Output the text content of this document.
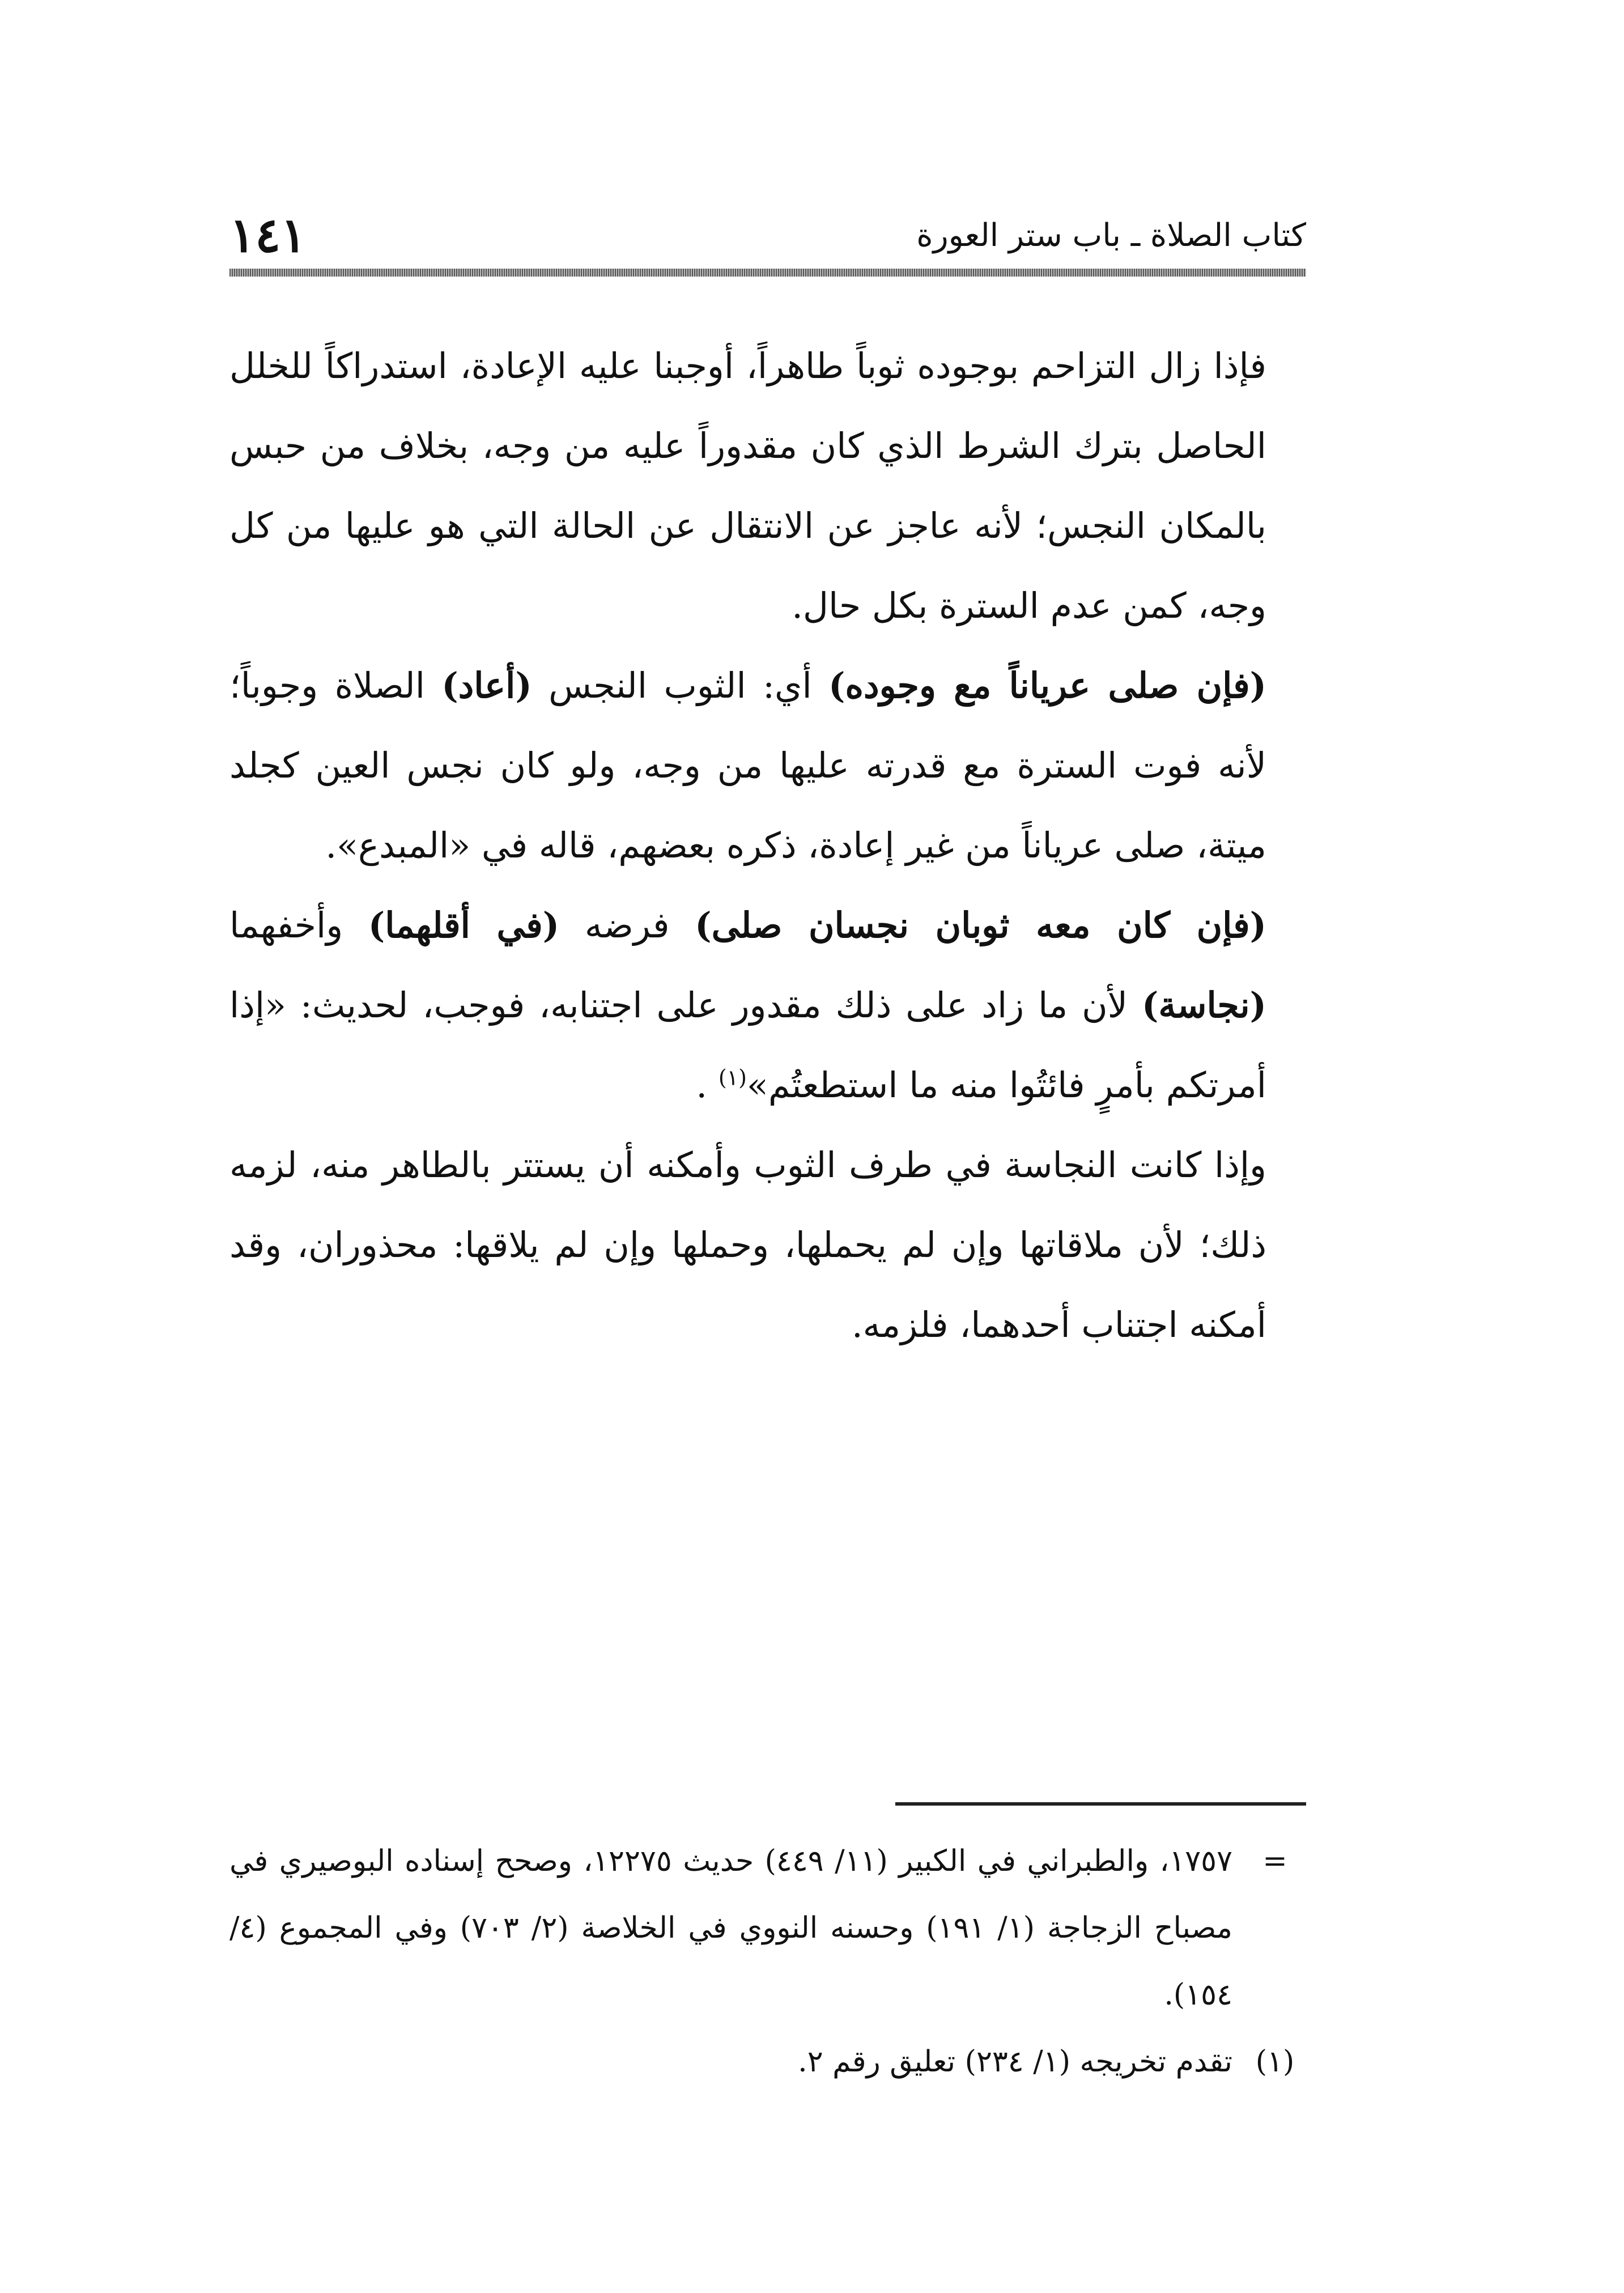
كتاب الصلاة ـ باب ستر العورة
١٤١

فإذا زال التزاحم بوجوده ثوباً طاهراً، أوجبنا عليه الإعادة، استدراكاً للخلل الحاصل بترك الشرط الذي كان مقدوراً عليه من وجه، بخلاف من حبس بالمكان النجس؛ لأنه عاجز عن الانتقال عن الحالة التي هو عليها من كل وجه، كمن عدم السترة بكل حال.

(فإن صلى عرياناً مع وجوده) أي: الثوب النجس (أعاد) الصلاة وجوباً؛ لأنه فوت السترة مع قدرته عليها من وجه، ولو كان نجس العين كجلد ميتة، صلى عرياناً من غير إعادة، ذكره بعضهم، قاله في «المبدع».

(فإن كان معه ثوبان نجسان صلى) فرضه (في أقلهما) وأخفهما (نجاسة) لأن ما زاد على ذلك مقدور على اجتنابه، فوجب، لحديث: «إذا أمرتكم بأمرٍ فائتُوا منه ما استطعتُم»$^{(١)}$ .

وإذا كانت النجاسة في طرف الثوب وأمكنه أن يستتر بالطاهر منه، لزمه ذلك؛ لأن ملاقاتها وإن لم يحملها، وحملها وإن لم يلاقها: محذوران، وقد أمكنه اجتناب أحدهما، فلزمه.

=
١٧٥٧، والطبراني في الكبير (١١/ ٤٤٩) حديث ١٢٢٧٥، وصحح إسناده البوصيري في مصباح الزجاجة (١/ ١٩١) وحسنه النووي في الخلاصة (٢/ ٧٠٣) وفي المجموع (٤/ ١٥٤).
(١)
تقدم تخريجه (١/ ٢٣٤) تعليق رقم ٢.
